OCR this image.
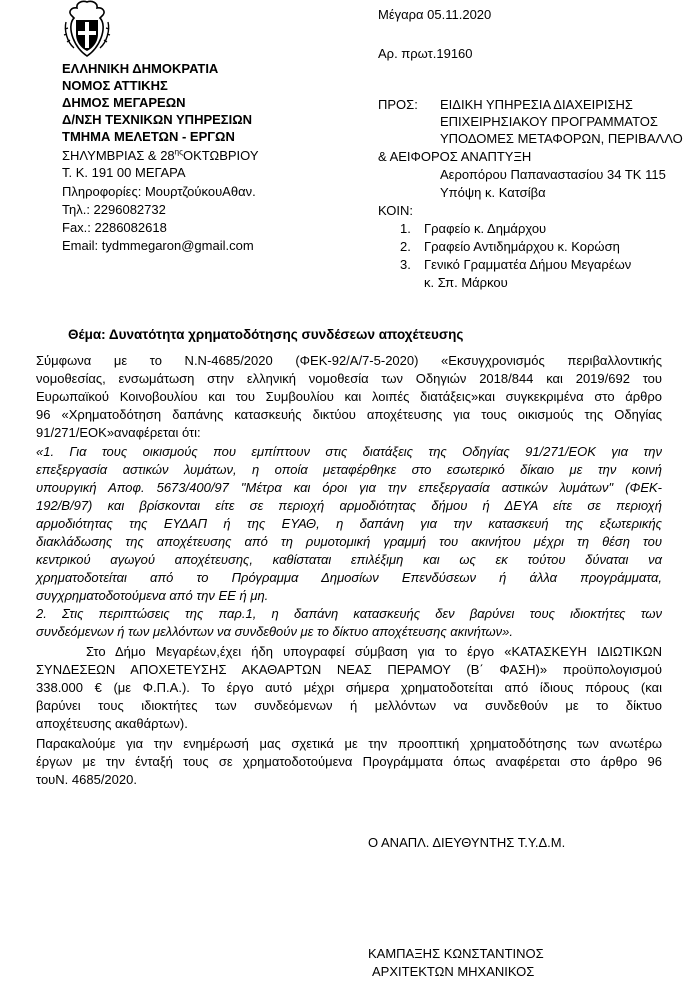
Μέγαρα 05.11.2020
Αρ. πρωτ.19160
ΕΛΛΗΝΙΚΗ ΔΗΜΟΚΡΑΤΙΑ
ΝΟΜΟΣ ΑΤΤΙΚΗΣ
ΔΗΜΟΣ ΜΕΓΑΡΕΩΝ
Δ/ΝΣΗ ΤΕΧΝΙΚΩΝ ΥΠΗΡΕΣΙΩΝ
ΤΜΗΜΑ ΜΕΛΕΤΩΝ - ΕΡΓΩΝ
ΣΗΛΥΜΒΡΙΑΣ & $28^{\eta\varsigma}OKT\Omega BPIO\Upsilon$
Τ. Κ. 191 00 ΜΕΓΑΡΑ
Πληροφορίες: ΜουρτζούκουΑθαν.
Τηλ.: 2296082732
Fax.: 2286082618
Email: tydmmegaron@gmail.com
ΠΡΟΣ: ΕΙΔΙΚΗ ΥΠΗΡΕΣΙΑ ΔΙΑΧΕΙΡΙΣΗΣ
ΕΠΙΧΕΙΡΗΣΙΑΚΟΥ ΠΡΟΓΡΑΜΜΑΤΟΣ
ΥΠΟΔΟΜΕΣ ΜΕΤΑΦΟΡΩΝ, ΠΕΡΙΒΑΛΛΟ
& ΑΕΙΦΟΡΟΣ ΑΝΑΠΤΥΞΗ
Αεροπόρου Παπαναστασίου 34 ΤΚ 115
Υπόψη κ. Κατσίβα
ΚΟΙΝ:
1. Γραφείο κ. Δημάρχου
2. Γραφείο Αντιδημάρχου κ. Κορώση
3. Γενικό Γραμματέα Δήμου Μεγαρέων
κ. Σπ. Μάρκου
Θέμα: Δυνατότητα χρηματοδότησης συνδέσεων αποχέτευσης
Σύμφωνα με το Ν.Ν-4685/2020 (ΦΕΚ-92/Α/7-5-2020) «Εκσυγχρονισμός περιβαλλοντικής
νομοθεσίας, ενσωμάτωση στην ελληνική νομοθεσία των Οδηγιών 2018/844 και 2019/692 του
Ευρωπαϊκού Κοινοβουλίου και του Συμβουλίου και λοιπές διατάξεις»και συγκεκριμένα στο άρθρο
96 «Χρηματοδότηση δαπάνης κατασκευής δικτύου αποχέτευσης για τους οικισμούς της Οδηγίας
91/271/ΕΟΚ»αναφέρεται ότι:
«1. Για τους οικισμούς που εμπίπτουν στις διατάξεις της Οδηγίας 91/271/ΕΟΚ για την
επεξεργασία αστικών λυμάτων, η οποία μεταφέρθηκε στο εσωτερικό δίκαιο με την κοινή
υπουργική Αποφ. 5673/400/97 "Μέτρα και όροι για την επεξεργασία αστικών λυμάτων" (ΦΕΚ-
192/Β/97) και βρίσκονται είτε σε περιοχή αρμοδιότητας δήμου ή ΔΕΥΑ είτε σε περιοχή
αρμοδιότητας της ΕΥΔΑΠ ή της ΕΥΑΘ, η δαπάνη για την κατασκευή της εξωτερικής
διακλάδωσης της αποχέτευσης από τη ρυμοτομική γραμμή του ακινήτου μέχρι τη θέση του
κεντρικού αγωγού αποχέτευσης, καθίσταται επιλέξιμη και ως εκ τούτου δύναται να
χρηματοδοτείται από το Πρόγραμμα Δημοσίων Επενδύσεων ή άλλα προγράμματα,
συγχρηματοδοτούμενα από την ΕΕ ή μη.
2. Στις περιπτώσεις της παρ.1, η δαπάνη κατασκευής δεν βαρύνει τους ιδιοκτήτες των
συνδεόμενων ή των μελλόντων να συνδεθούν με το δίκτυο αποχέτευσης ακινήτων».
Στο Δήμο Μεγαρέων,έχει ήδη υπογραφεί σύμβαση για το έργο «ΚΑΤΑΣΚΕΥΗ ΙΔΙΩΤΙΚΩΝ
ΣΥΝΔΕΣΕΩΝ ΑΠΟΧΕΤΕΥΣΗΣ ΑΚΑΘΑΡΤΩΝ ΝΕΑΣ ΠΕΡΑΜΟΥ (Β΄ ΦΑΣΗ)» προϋπολογισμού
338.000 € (με Φ.Π.Α.). Το έργο αυτό μέχρι σήμερα χρηματοδοτείται από ίδιους πόρους (και
βαρύνει τους ιδιοκτήτες των συνδεόμενων ή μελλόντων να συνδεθούν με το δίκτυο
αποχέτευσης ακαθάρτων).
Παρακαλούμε για την ενημέρωσή μας σχετικά με την προοπτική χρηματοδότησης των ανωτέρω
έργων με την ένταξή τους σε χρηματοδοτούμενα Προγράμματα όπως αναφέρεται στο άρθρο 96
τουΝ. 4685/2020.
Ο ΑΝΑΠΛ. ΔΙΕΥΘΥΝΤΗΣ Τ.Υ.Δ.Μ.
ΚΑΜΠΑΞΗΣ ΚΩΝΣΤΑΝΤΙΝΟΣ
ΑΡΧΙΤΕΚΤΩΝ ΜΗΧΑΝΙΚΟΣ
